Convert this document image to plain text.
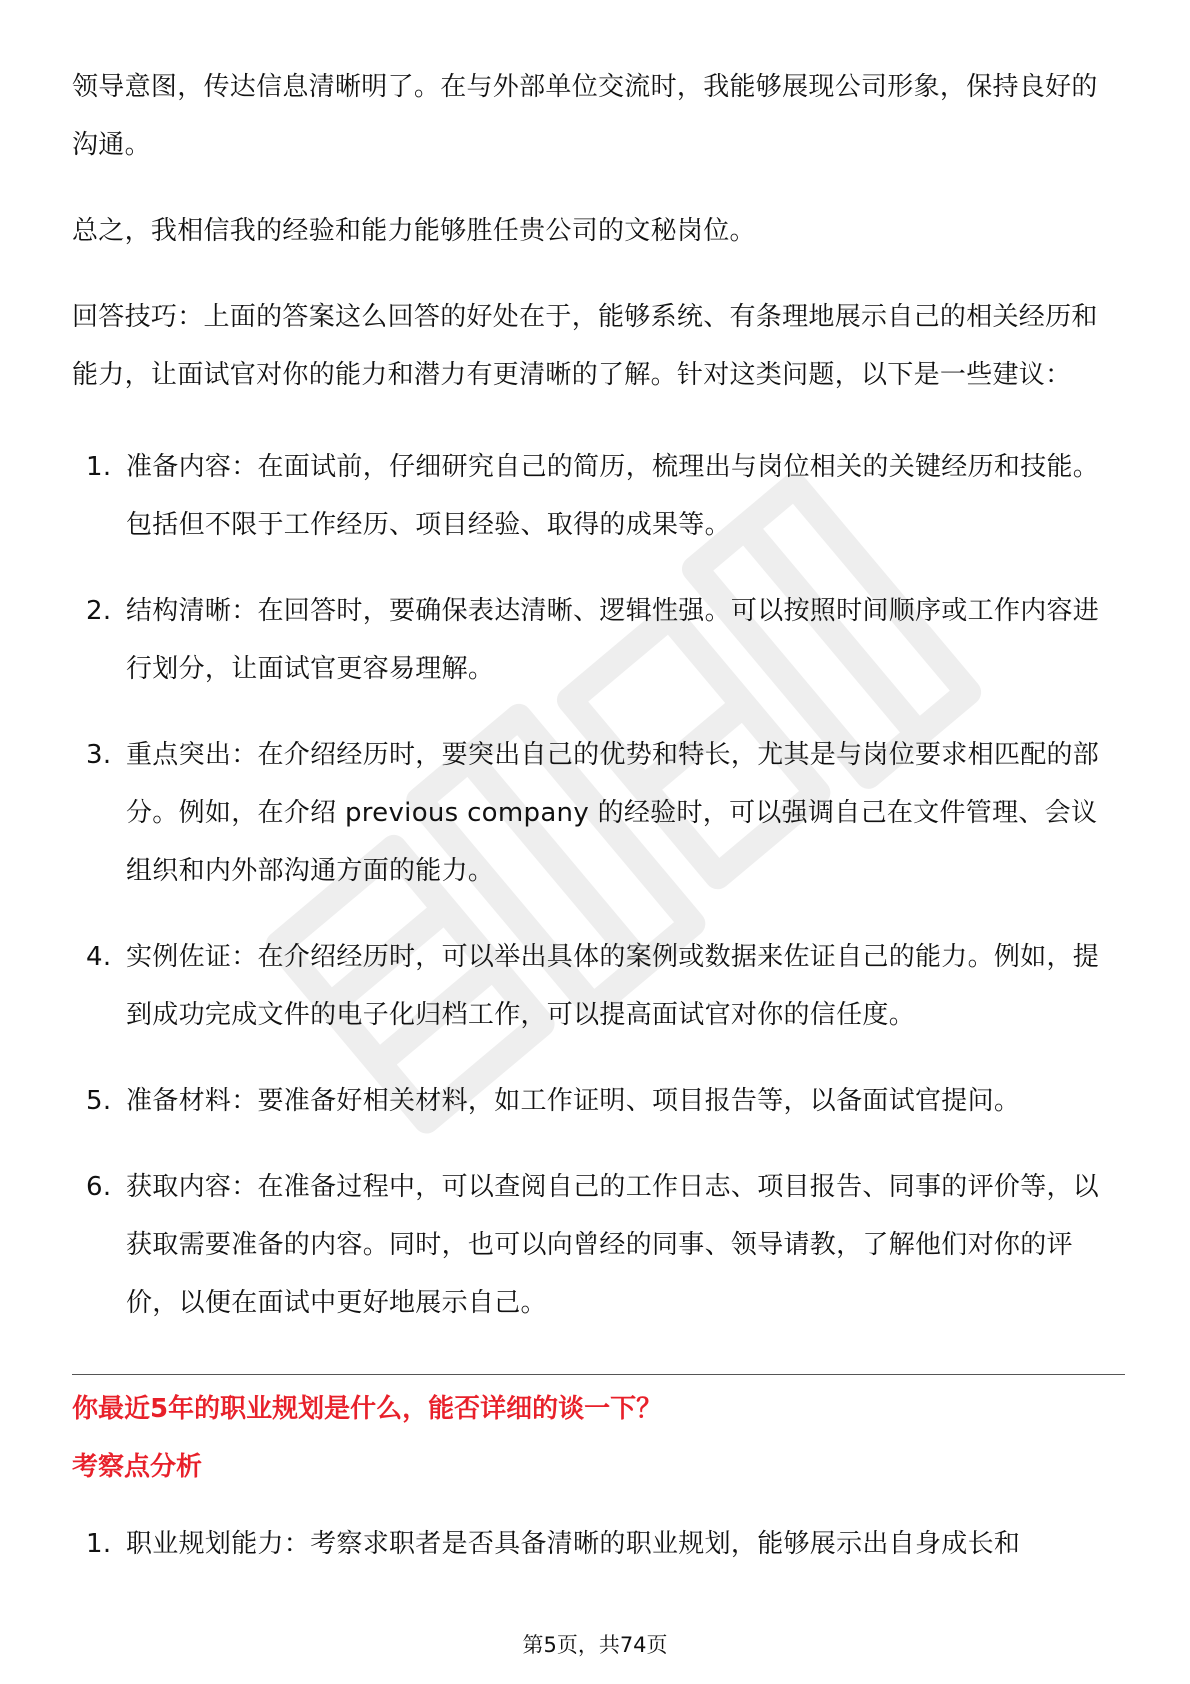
领导意图，传达信息清晰明了。在与外部单位交流时，我能够展现公司形象，保持良好的沟通。

总之，我相信我的经验和能力能够胜任贵公司的文秘岗位。

回答技巧：上面的答案这么回答的好处在于，能够系统、有条理地展示自己的相关经历和能力，让面试官对你的能力和潜力有更清晰的了解。针对这类问题，以下是一些建议：

1. 准备内容：在面试前，仔细研究自己的简历，梳理出与岗位相关的关键经历和技能。包括但不限于工作经历、项目经验、取得的成果等。
2. 结构清晰：在回答时，要确保表达清晰、逻辑性强。可以按照时间顺序或工作内容进行划分，让面试官更容易理解。
3. 重点突出：在介绍经历时，要突出自己的优势和特长，尤其是与岗位要求相匹配的部分。例如，在介绍 previous company 的经验时，可以强调自己在文件管理、会议组织和内外部沟通方面的能力。
4. 实例佐证：在介绍经历时，可以举出具体的案例或数据来佐证自己的能力。例如，提到成功完成文件的电子化归档工作，可以提高面试官对你的信任度。
5. 准备材料：要准备好相关材料，如工作证明、项目报告等，以备面试官提问。
6. 获取内容：在准备过程中，可以查阅自己的工作日志、项目报告、同事的评价等，以获取需要准备的内容。同时，也可以向曾经的同事、领导请教，了解他们对你的评价，以便在面试中更好地展示自己。
你最近5年的职业规划是什么，能否详细的谈一下？
考察点分析
1. 职业规划能力：考察求职者是否具备清晰的职业规划，能够展示出自身成长和
第5页，共74页
